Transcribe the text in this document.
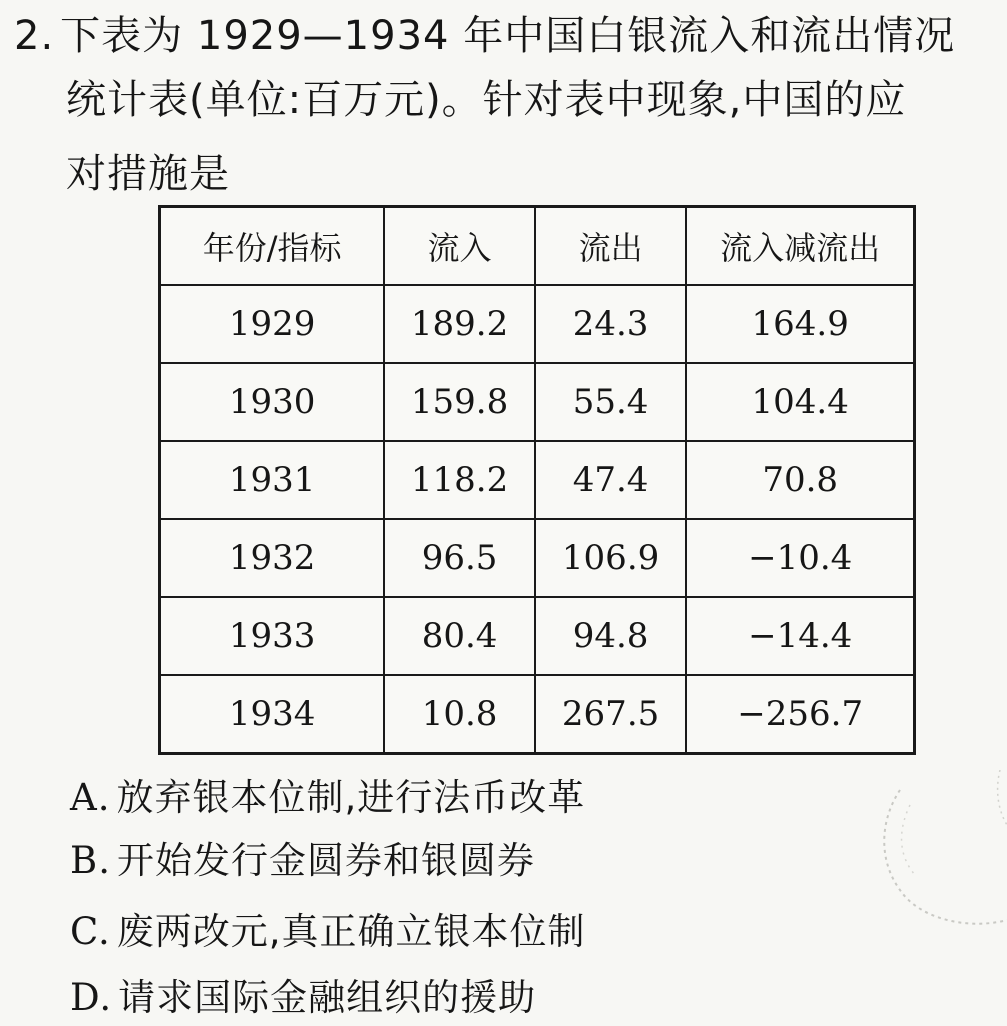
2. 下表为 1929—1934 年中国白银流入和流出情况
统计表(单位:百万元)。针对表中现象,中国的应
对措施是
年份/指标	流入	流出	流入减流出
1929	189.2	24.3	164.9
1930	159.8	55.4	104.4
1931	118.2	47.4	70.8
1932	96.5	106.9	−10.4
1933	80.4	94.8	−14.4
1934	10.8	267.5	−256.7
A. 放弃银本位制,进行法币改革
B. 开始发行金圆券和银圆券
C. 废两改元,真正确立银本位制
D. 请求国际金融组织的援助
